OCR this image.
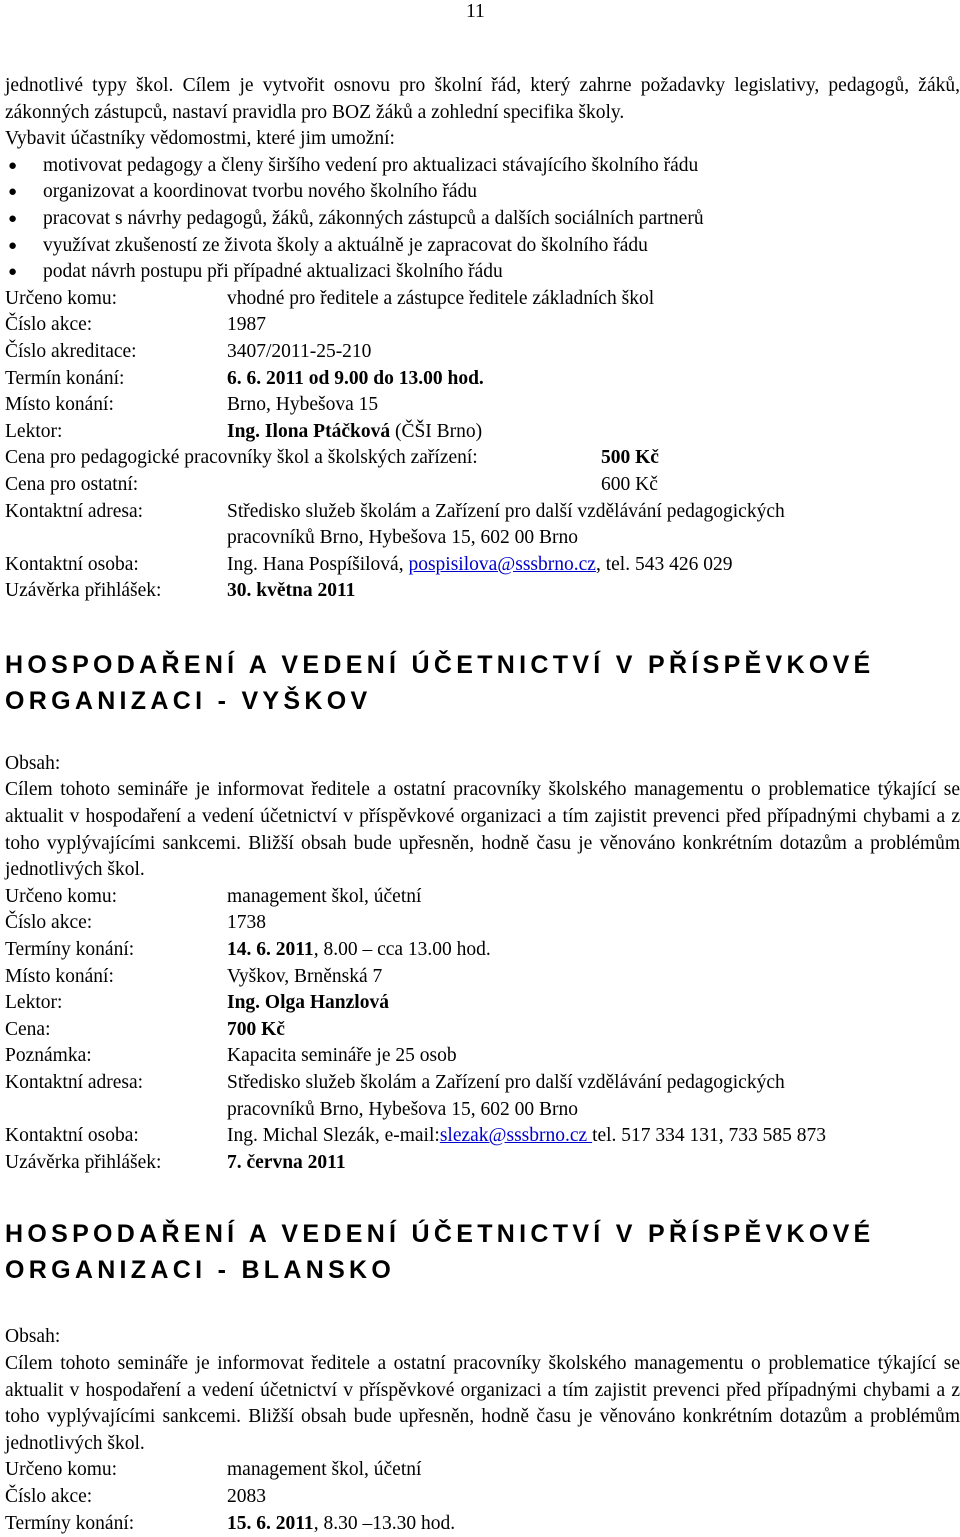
11

jednotlivé typy škol. Cílem je vytvořit osnovu pro školní řád, který zahrne požadavky legislativy, pedagogů, žáků, zákonných zástupců, nastaví pravidla pro BOZ žáků a zohlední specifika školy.

Vybavit účastníky vědomostmi, které jim umožní:

● motivovat pedagogy a členy širšího vedení pro aktualizaci stávajícího školního řádu
● organizovat a koordinovat tvorbu nového školního řádu
● pracovat s návrhy pedagogů, žáků, zákonných zástupců a dalších sociálních partnerů
● využívat zkušeností ze života školy a aktuálně je zapracovat do školního řádu
● podat návrh postupu při případné aktualizaci školního řádu
Určeno komu:	vhodné pro ředitele a zástupce ředitele základních škol
Číslo akce:	1987
Číslo akreditace:	3407/2011-25-210
Termín konání:	6. 6. 2011 od 9.00 do 13.00 hod.
Místo konání:	Brno, Hybešova 15
Lektor:	Ing. Ilona Ptáčková (ČŠI Brno)
Cena pro pedagogické pracovníky škol a školských zařízení:	500 Kč
Cena pro ostatní:	600 Kč
Kontaktní adresa:	Středisko služeb školám a Zařízení pro další vzdělávání pedagogických
pracovníků Brno, Hybešova 15, 602 00 Brno
Kontaktní osoba:	Ing. Hana Pospíšilová, pospisilova@sssbrno.cz, tel. 543 426 029
Uzávěrka přihlášek:	30. května 2011
HOSPODAŘENÍ A VEDENÍ ÚČETNICTVÍ V PŘÍSPĚVKOVÉ
ORGANIZACI - VYŠKOV

Obsah:

Cílem tohoto semináře je informovat ředitele a ostatní pracovníky školského managementu o problematice týkající se aktualit v hospodaření a vedení účetnictví v příspěvkové organizaci a tím zajistit prevenci před případnými chybami a z toho vyplývajícími sankcemi. Bližší obsah bude upřesněn, hodně času je věnováno konkrétním dotazům a problémům jednotlivých škol.

Určeno komu:	management škol, účetní
Číslo akce:	1738
Termíny konání:	14. 6. 2011, 8.00 – cca 13.00 hod.
Místo konání:	Vyškov, Brněnská 7
Lektor:	Ing. Olga Hanzlová
Cena:	700 Kč
Poznámka:	Kapacita semináře je 25 osob
Kontaktní adresa:	Středisko služeb školám a Zařízení pro další vzdělávání pedagogických
pracovníků Brno, Hybešova 15, 602 00 Brno
Kontaktní osoba:	Ing. Michal Slezák, e-mail:slezak@sssbrno.cz tel. 517 334 131, 733 585 873
Uzávěrka přihlášek:	7. června 2011
HOSPODAŘENÍ A VEDENÍ ÚČETNICTVÍ V PŘÍSPĚVKOVÉ
ORGANIZACI - BLANSKO

Obsah:

Cílem tohoto semináře je informovat ředitele a ostatní pracovníky školského managementu o problematice týkající se aktualit v hospodaření a vedení účetnictví v příspěvkové organizaci a tím zajistit prevenci před případnými chybami a z toho vyplývajícími sankcemi. Bližší obsah bude upřesněn, hodně času je věnováno konkrétním dotazům a problémům jednotlivých škol.

Určeno komu:	management škol, účetní
Číslo akce:	2083
Termíny konání:	15. 6. 2011, 8.30 –13.30 hod.
